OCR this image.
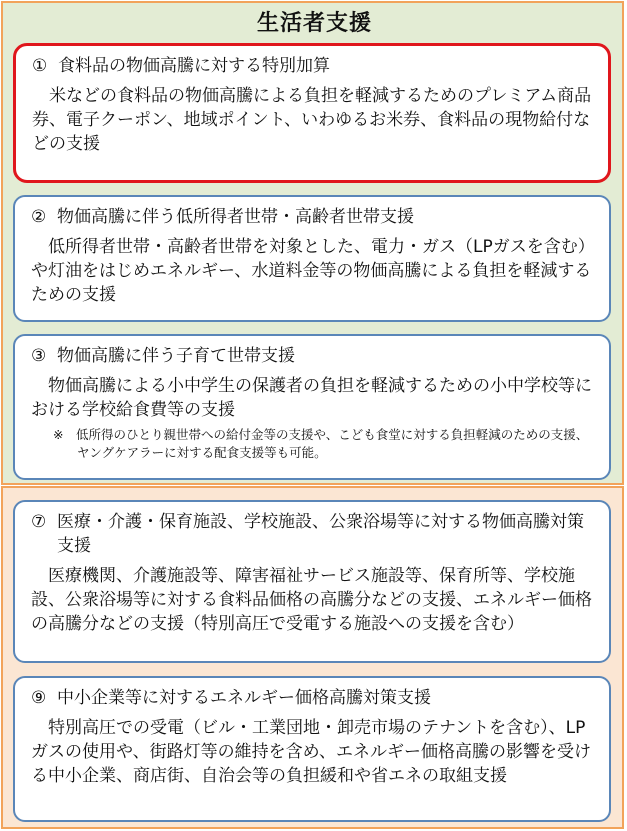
生活者支援
① 食料品の物価高騰に対する特別加算

米などの食料品の物価高騰による負担を軽減するためのプレミアム商品券、電子クーポン、地域ポイント、いわゆるお米券、食料品の現物給付などの支援

② 物価高騰に伴う低所得者世帯・高齢者世帯支援

低所得者世帯・高齢者世帯を対象とした、電力・ガス（LPガスを含む）や灯油をはじめエネルギー、水道料金等の物価高騰による負担を軽減するための支援

③ 物価高騰に伴う子育て世帯支援

物価高騰による小中学生の保護者の負担を軽減するための小中学校等における学校給食費等の支援

※　低所得のひとり親世帯への給付金等の支援や、こども食堂に対する負担軽減のための支援、ヤングケアラーに対する配食支援等も可能。
⑦ 医療・介護・保育施設、学校施設、公衆浴場等に対する物価高騰対策支援

医療機関、介護施設等、障害福祉サービス施設等、保育所等、学校施設、公衆浴場等に対する食料品価格の高騰分などの支援、エネルギー価格の高騰分などの支援（特別高圧で受電する施設への支援を含む）

⑨ 中小企業等に対するエネルギー価格高騰対策支援

特別高圧での受電（ビル・工業団地・卸売市場のテナントを含む）、LPガスの使用や、街路灯等の維持を含め、エネルギー価格高騰の影響を受ける中小企業、商店街、自治会等の負担緩和や省エネの取組支援
